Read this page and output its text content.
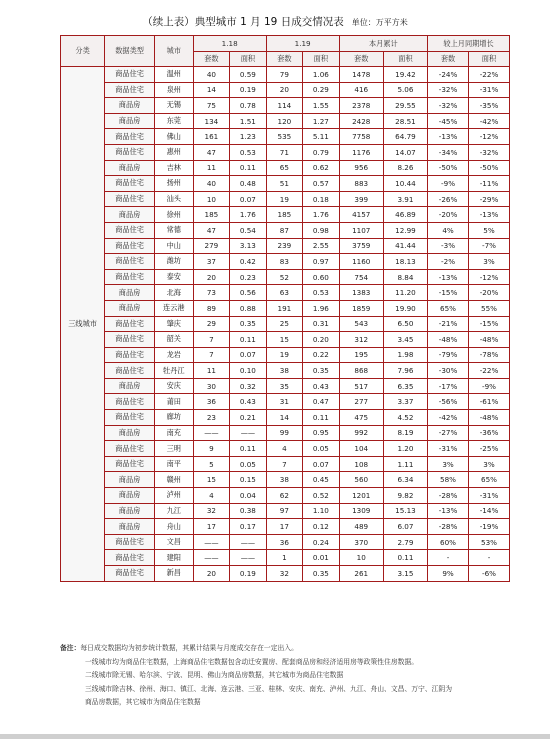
（续上表）典型城市 1 月 19 日成交情况表 单位：万平方米
分类	数据类型	城市	1.18		1.19		本月累计		较上月同期增长	
			套数	面积	套数	面积	套数	面积	套数	面积
三线城市	商品住宅	温州	40	0.59	79	1.06	1478	19.42	-24%	-22%
	商品住宅	泉州	14	0.19	20	0.29	416	5.06	-32%	-31%
	商品房	无锡	75	0.78	114	1.55	2378	29.55	-32%	-35%
	商品房	东莞	134	1.51	120	1.27	2428	28.51	-45%	-42%
	商品住宅	佛山	161	1.23	535	5.11	7758	64.79	-13%	-12%
	商品住宅	惠州	47	0.53	71	0.79	1176	14.07	-34%	-32%
	商品房	吉林	11	0.11	65	0.62	956	8.26	-50%	-50%
	商品住宅	扬州	40	0.48	51	0.57	883	10.44	-9%	-11%
	商品住宅	汕头	10	0.07	19	0.18	399	3.91	-26%	-29%
	商品房	徐州	185	1.76	185	1.76	4157	46.89	-20%	-13%
	商品住宅	常德	47	0.54	87	0.98	1107	12.99	4%	5%
	商品住宅	中山	279	3.13	239	2.55	3759	41.44	-3%	-7%
	商品住宅	潍坊	37	0.42	83	0.97	1160	18.13	-2%	3%
	商品住宅	泰安	20	0.23	52	0.60	754	8.84	-13%	-12%
	商品房	北海	73	0.56	63	0.53	1383	11.20	-15%	-20%
	商品房	连云港	89	0.88	191	1.96	1859	19.90	65%	55%
	商品住宅	肇庆	29	0.35	25	0.31	543	6.50	-21%	-15%
	商品住宅	韶关	7	0.11	15	0.20	312	3.45	-48%	-48%
	商品住宅	龙岩	7	0.07	19	0.22	195	1.98	-79%	-78%
	商品住宅	牡丹江	11	0.10	38	0.35	868	7.96	-30%	-22%
	商品房	安庆	30	0.32	35	0.43	517	6.35	-17%	-9%
	商品住宅	莆田	36	0.43	31	0.47	277	3.37	-56%	-61%
	商品住宅	廊坊	23	0.21	14	0.11	475	4.52	-42%	-48%
	商品房	南充	——	——	99	0.95	992	8.19	-27%	-36%
	商品住宅	三明	9	0.11	4	0.05	104	1.20	-31%	-25%
	商品住宅	南平	5	0.05	7	0.07	108	1.11	3%	3%
	商品房	赣州	15	0.15	38	0.45	560	6.34	58%	65%
	商品房	泸州	4	0.04	62	0.52	1201	9.82	-28%	-31%
	商品房	九江	32	0.38	97	1.10	1309	15.13	-13%	-14%
	商品房	舟山	17	0.17	17	0.12	489	6.07	-28%	-19%
	商品住宅	文昌	——	——	36	0.24	370	2.79	60%	53%
	商品住宅	建阳	——	——	1	0.01	10	0.11	-	-
	商品住宅	新昌	20	0.19	32	0.35	261	3.15	9%	-6%
备注：每日成交数据均为初步统计数据，其累计结果与月度成交存在一定出入。
一线城市均为商品住宅数据，上海商品住宅数据包含动迁安置房、配套商品房和经济适用房等政策性住房数据。
二线城市除无锡、哈尔滨、宁波、昆明、佛山为商品房数据，其它城市为商品住宅数据
三线城市除吉林、徐州、海口、镇江、北海、连云港、三亚、桂林、安庆、南充、泸州、九江、舟山、文昌、万宁、江阴为
商品房数据，其它城市为商品住宅数据
